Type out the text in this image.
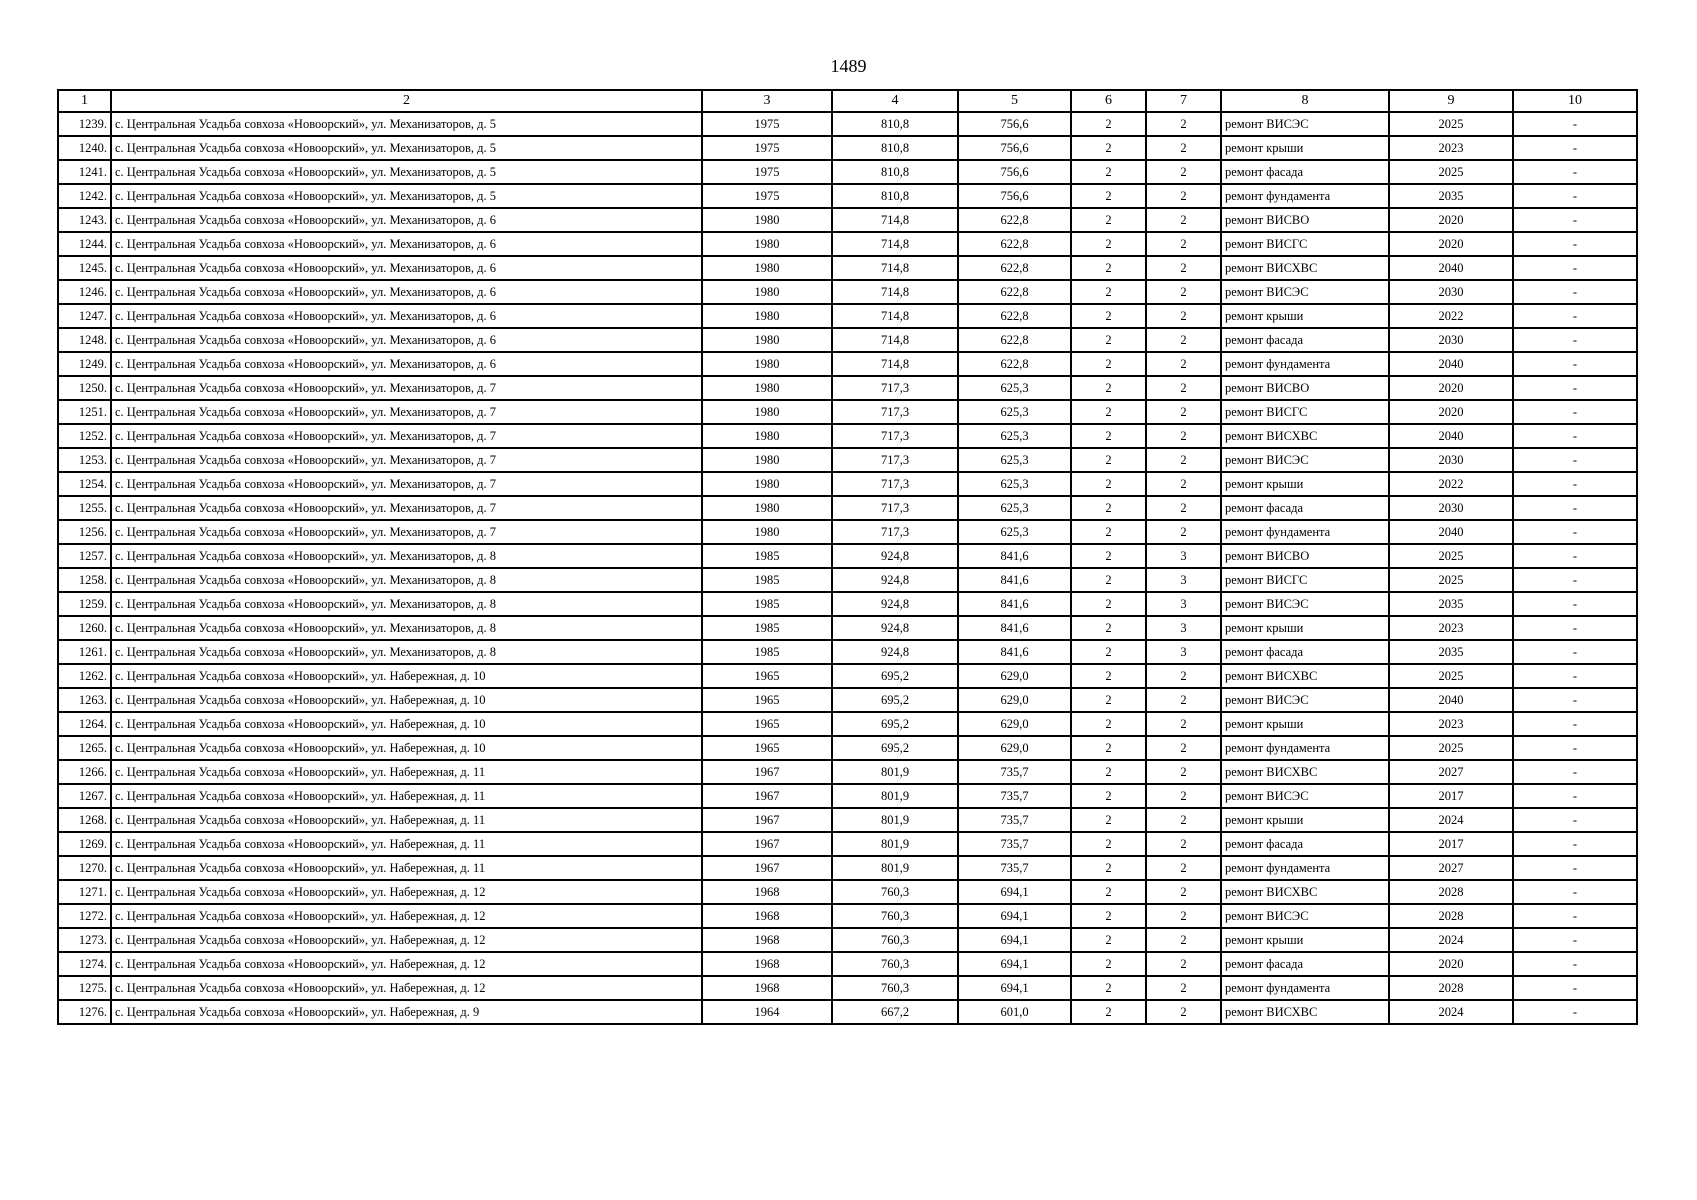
1489
1	2	3	4	5	6	7	8	9	10
1239.	с. Центральная Усадьба совхоза «Новоорский», ул. Механизаторов, д. 5	1975	810,8	756,6	2	2	ремонт ВИСЭС	2025	-
1240.	с. Центральная Усадьба совхоза «Новоорский», ул. Механизаторов, д. 5	1975	810,8	756,6	2	2	ремонт крыши	2023	-
1241.	с. Центральная Усадьба совхоза «Новоорский», ул. Механизаторов, д. 5	1975	810,8	756,6	2	2	ремонт фасада	2025	-
1242.	с. Центральная Усадьба совхоза «Новоорский», ул. Механизаторов, д. 5	1975	810,8	756,6	2	2	ремонт фундамента	2035	-
1243.	с. Центральная Усадьба совхоза «Новоорский», ул. Механизаторов, д. 6	1980	714,8	622,8	2	2	ремонт ВИСВО	2020	-
1244.	с. Центральная Усадьба совхоза «Новоорский», ул. Механизаторов, д. 6	1980	714,8	622,8	2	2	ремонт ВИСГС	2020	-
1245.	с. Центральная Усадьба совхоза «Новоорский», ул. Механизаторов, д. 6	1980	714,8	622,8	2	2	ремонт ВИСХВС	2040	-
1246.	с. Центральная Усадьба совхоза «Новоорский», ул. Механизаторов, д. 6	1980	714,8	622,8	2	2	ремонт ВИСЭС	2030	-
1247.	с. Центральная Усадьба совхоза «Новоорский», ул. Механизаторов, д. 6	1980	714,8	622,8	2	2	ремонт крыши	2022	-
1248.	с. Центральная Усадьба совхоза «Новоорский», ул. Механизаторов, д. 6	1980	714,8	622,8	2	2	ремонт фасада	2030	-
1249.	с. Центральная Усадьба совхоза «Новоорский», ул. Механизаторов, д. 6	1980	714,8	622,8	2	2	ремонт фундамента	2040	-
1250.	с. Центральная Усадьба совхоза «Новоорский», ул. Механизаторов, д. 7	1980	717,3	625,3	2	2	ремонт ВИСВО	2020	-
1251.	с. Центральная Усадьба совхоза «Новоорский», ул. Механизаторов, д. 7	1980	717,3	625,3	2	2	ремонт ВИСГС	2020	-
1252.	с. Центральная Усадьба совхоза «Новоорский», ул. Механизаторов, д. 7	1980	717,3	625,3	2	2	ремонт ВИСХВС	2040	-
1253.	с. Центральная Усадьба совхоза «Новоорский», ул. Механизаторов, д. 7	1980	717,3	625,3	2	2	ремонт ВИСЭС	2030	-
1254.	с. Центральная Усадьба совхоза «Новоорский», ул. Механизаторов, д. 7	1980	717,3	625,3	2	2	ремонт крыши	2022	-
1255.	с. Центральная Усадьба совхоза «Новоорский», ул. Механизаторов, д. 7	1980	717,3	625,3	2	2	ремонт фасада	2030	-
1256.	с. Центральная Усадьба совхоза «Новоорский», ул. Механизаторов, д. 7	1980	717,3	625,3	2	2	ремонт фундамента	2040	-
1257.	с. Центральная Усадьба совхоза «Новоорский», ул. Механизаторов, д. 8	1985	924,8	841,6	2	3	ремонт ВИСВО	2025	-
1258.	с. Центральная Усадьба совхоза «Новоорский», ул. Механизаторов, д. 8	1985	924,8	841,6	2	3	ремонт ВИСГС	2025	-
1259.	с. Центральная Усадьба совхоза «Новоорский», ул. Механизаторов, д. 8	1985	924,8	841,6	2	3	ремонт ВИСЭС	2035	-
1260.	с. Центральная Усадьба совхоза «Новоорский», ул. Механизаторов, д. 8	1985	924,8	841,6	2	3	ремонт крыши	2023	-
1261.	с. Центральная Усадьба совхоза «Новоорский», ул. Механизаторов, д. 8	1985	924,8	841,6	2	3	ремонт фасада	2035	-
1262.	с. Центральная Усадьба совхоза «Новоорский», ул. Набережная, д. 10	1965	695,2	629,0	2	2	ремонт ВИСХВС	2025	-
1263.	с. Центральная Усадьба совхоза «Новоорский», ул. Набережная, д. 10	1965	695,2	629,0	2	2	ремонт ВИСЭС	2040	-
1264.	с. Центральная Усадьба совхоза «Новоорский», ул. Набережная, д. 10	1965	695,2	629,0	2	2	ремонт крыши	2023	-
1265.	с. Центральная Усадьба совхоза «Новоорский», ул. Набережная, д. 10	1965	695,2	629,0	2	2	ремонт фундамента	2025	-
1266.	с. Центральная Усадьба совхоза «Новоорский», ул. Набережная, д. 11	1967	801,9	735,7	2	2	ремонт ВИСХВС	2027	-
1267.	с. Центральная Усадьба совхоза «Новоорский», ул. Набережная, д. 11	1967	801,9	735,7	2	2	ремонт ВИСЭС	2017	-
1268.	с. Центральная Усадьба совхоза «Новоорский», ул. Набережная, д. 11	1967	801,9	735,7	2	2	ремонт крыши	2024	-
1269.	с. Центральная Усадьба совхоза «Новоорский», ул. Набережная, д. 11	1967	801,9	735,7	2	2	ремонт фасада	2017	-
1270.	с. Центральная Усадьба совхоза «Новоорский», ул. Набережная, д. 11	1967	801,9	735,7	2	2	ремонт фундамента	2027	-
1271.	с. Центральная Усадьба совхоза «Новоорский», ул. Набережная, д. 12	1968	760,3	694,1	2	2	ремонт ВИСХВС	2028	-
1272.	с. Центральная Усадьба совхоза «Новоорский», ул. Набережная, д. 12	1968	760,3	694,1	2	2	ремонт ВИСЭС	2028	-
1273.	с. Центральная Усадьба совхоза «Новоорский», ул. Набережная, д. 12	1968	760,3	694,1	2	2	ремонт крыши	2024	-
1274.	с. Центральная Усадьба совхоза «Новоорский», ул. Набережная, д. 12	1968	760,3	694,1	2	2	ремонт фасада	2020	-
1275.	с. Центральная Усадьба совхоза «Новоорский», ул. Набережная, д. 12	1968	760,3	694,1	2	2	ремонт фундамента	2028	-
1276.	с. Центральная Усадьба совхоза «Новоорский», ул. Набережная, д. 9	1964	667,2	601,0	2	2	ремонт ВИСХВС	2024	-
